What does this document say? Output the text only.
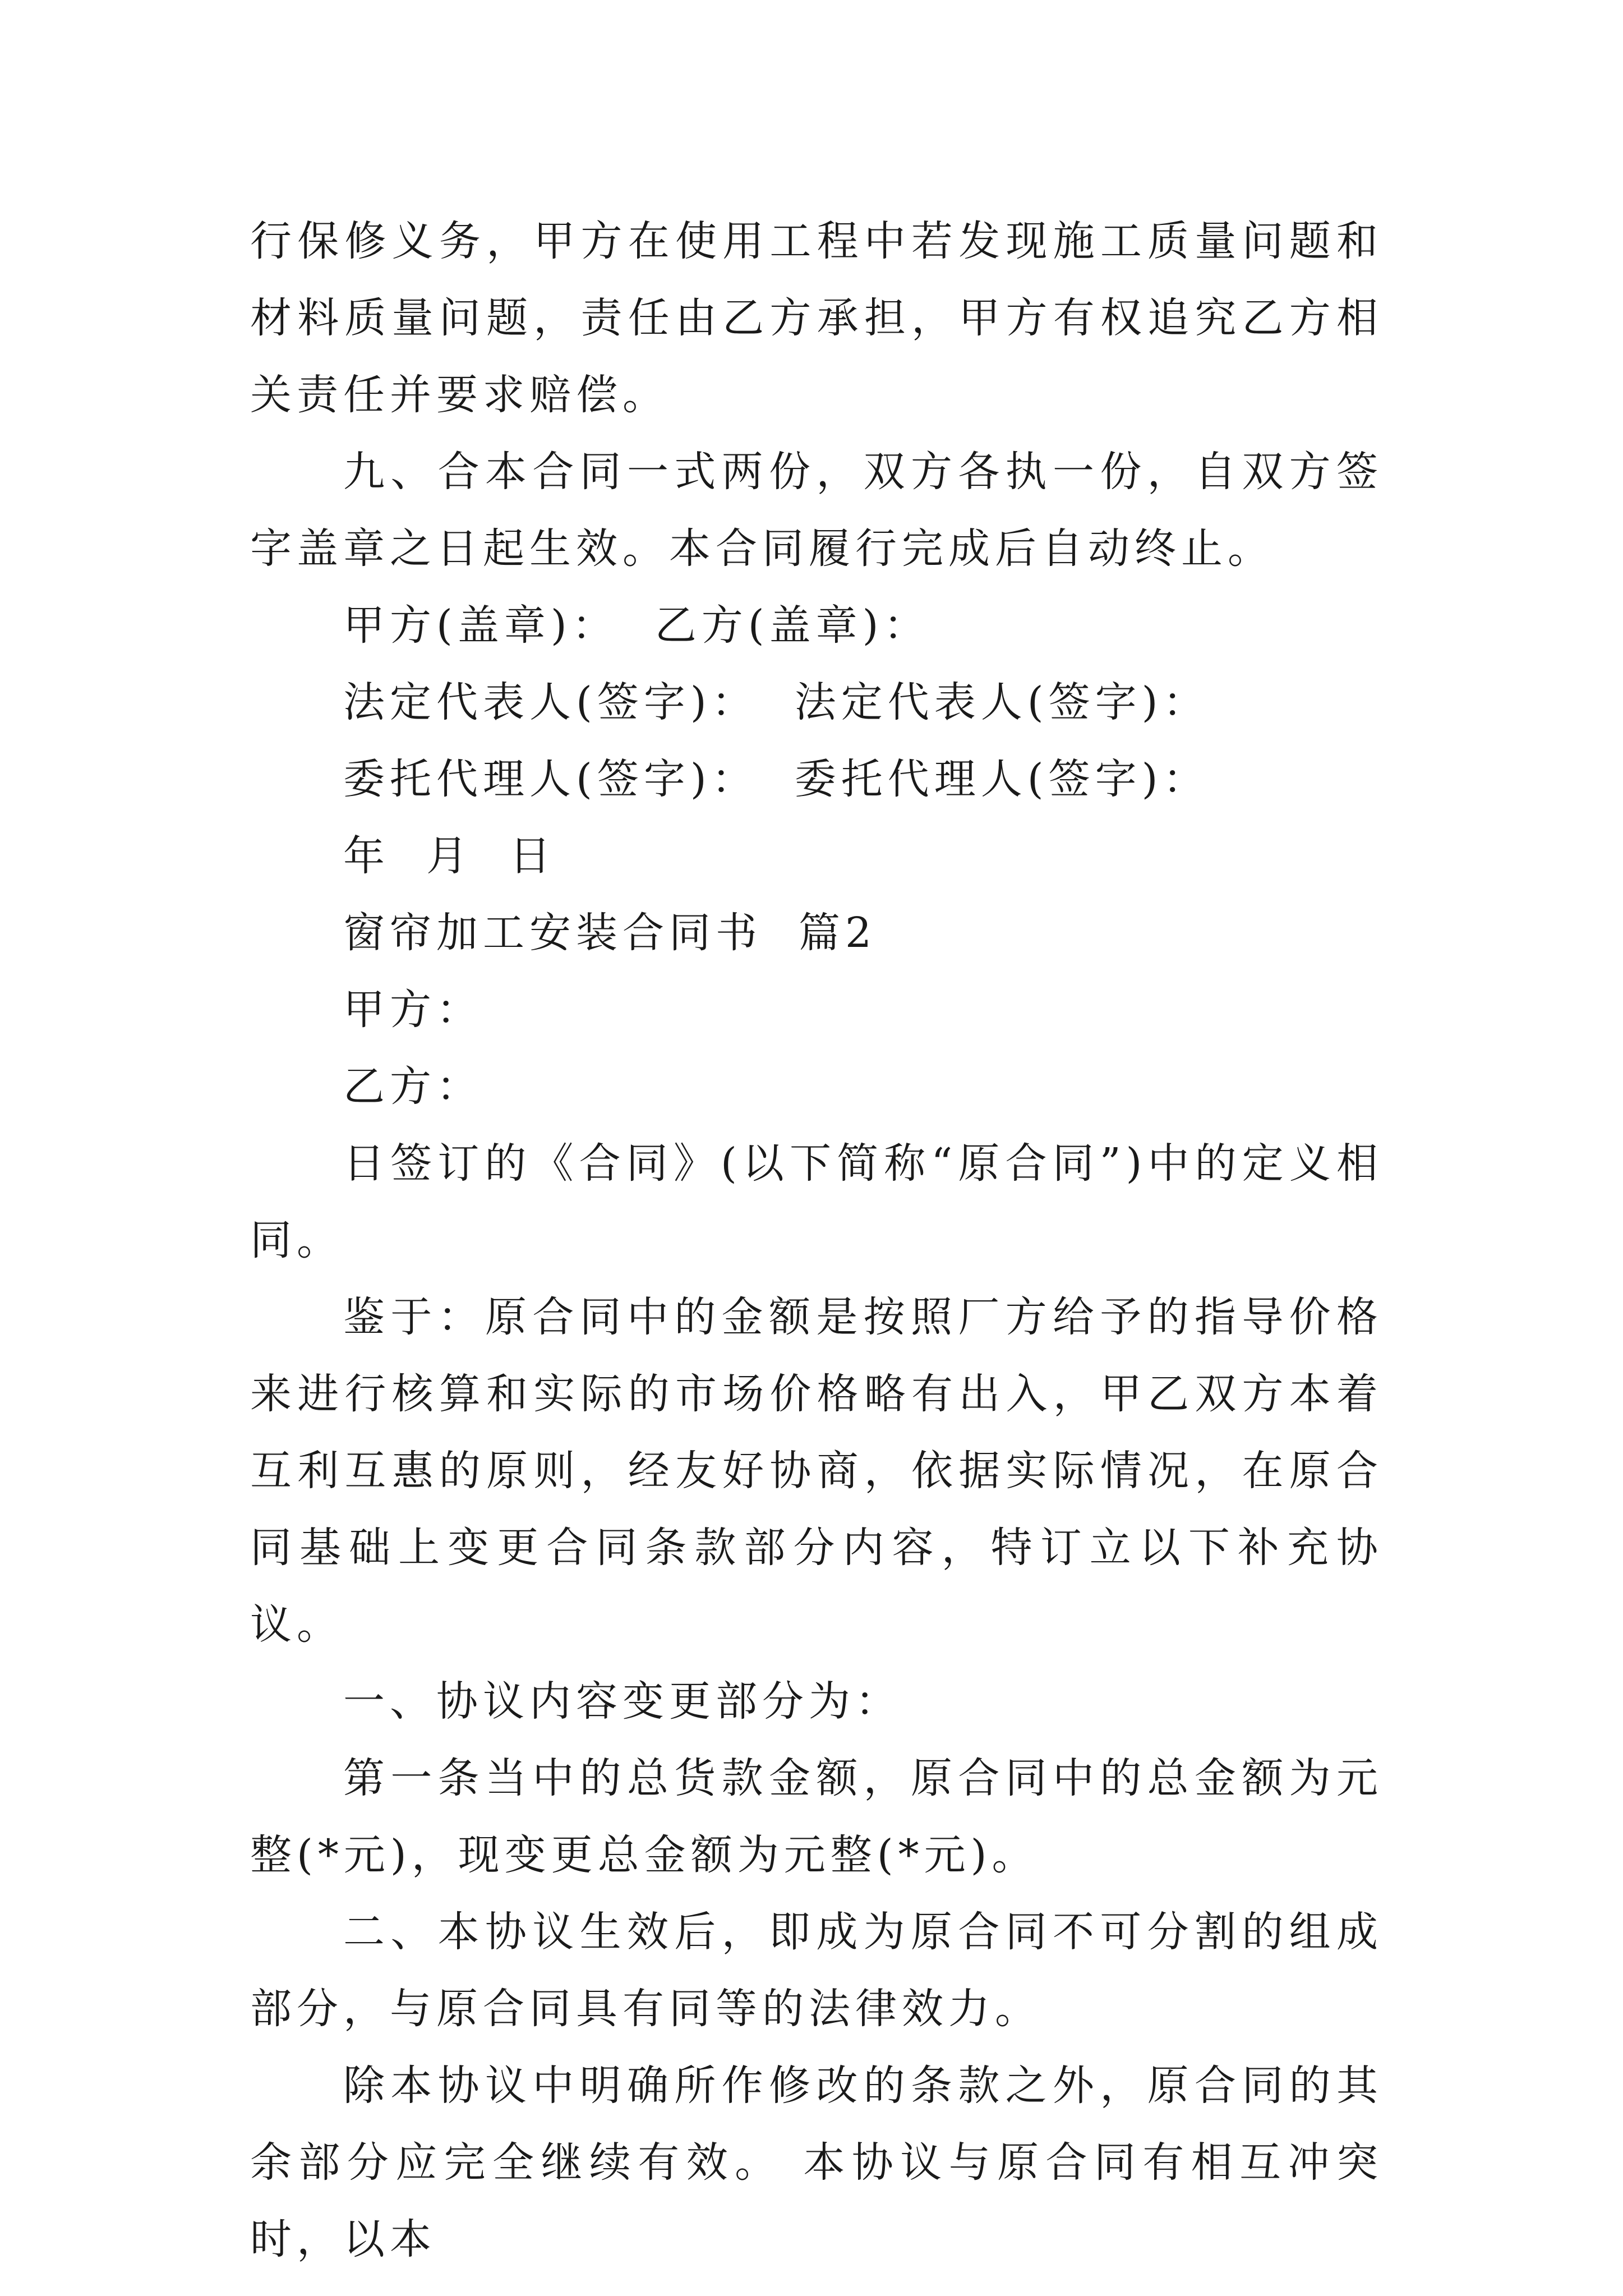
行保修义务，甲方在使用工程中若发现施工质量问题和材料质量问题，责任由乙方承担，甲方有权追究乙方相关责任并要求赔偿。

九、合本合同一式两份，双方各执一份，自双方签字盖章之日起生效。本合同履行完成后自动终止。

甲方(盖章)：  乙方(盖章)：

法定代表人(签字)：  法定代表人(签字)：

委托代理人(签字)：  委托代理人(签字)：

年  月  日

窗帘加工安装合同书  篇2

甲方：

乙方：

日签订的《合同》(以下简称“原合同”)中的定义相同。

鉴于：原合同中的金额是按照厂方给予的指导价格来进行核算和实际的市场价格略有出入，甲乙双方本着互利互惠的原则，经友好协商，依据实际情况，在原合同基础上变更合同条款部分内容，特订立以下补充协议。

一、协议内容变更部分为：

第一条当中的总货款金额，原合同中的总金额为元整(*元)，现变更总金额为元整(*元)。

二、本协议生效后，即成为原合同不可分割的组成部分，与原合同具有同等的法律效力。

除本协议中明确所作修改的条款之外，原合同的其余部分应完全继续有效。 本协议与原合同有相互冲突时，以本
